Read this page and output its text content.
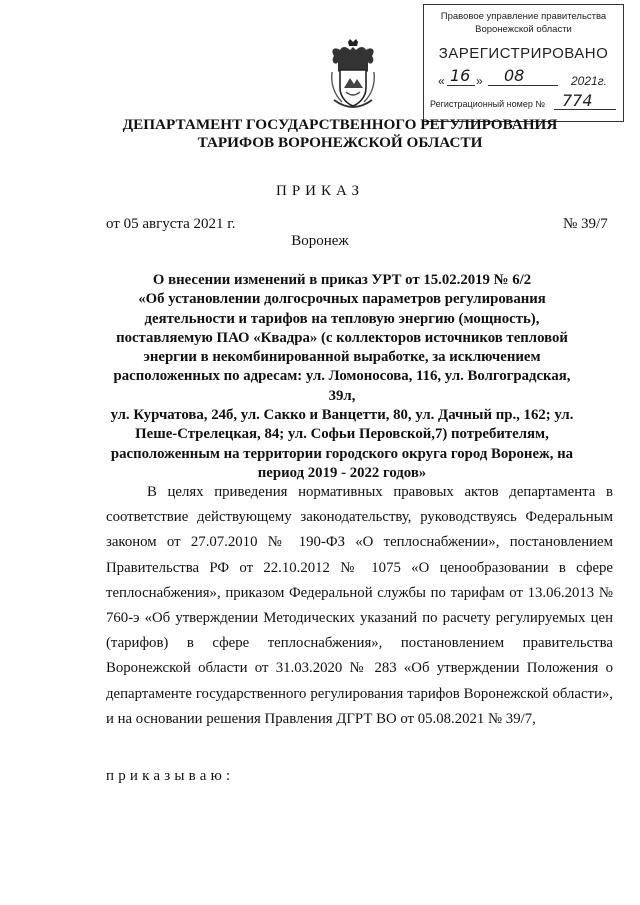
Правовое управление правительства
Воронежской области
ЗАРЕГИСТРИРОВАНО
« 16 » 08	2021г.
Регистрационный номер № 774
ДЕПАРТАМЕНТ ГОСУДАРСТВЕННОГО РЕГУЛИРОВАНИЯ
ТАРИФОВ ВОРОНЕЖСКОЙ ОБЛАСТИ
ПРИКАЗ
от 05 августа 2021 г.	№ 39/7
Воронеж
О внесении изменений в приказ УРТ от 15.02.2019 № 6/2
«Об установлении долгосрочных параметров регулирования
деятельности и тарифов на тепловую энергию (мощность),
поставляемую ПАО «Квадра» (с коллекторов источников тепловой
энергии в некомбинированной выработке, за исключением
расположенных по адресам: ул. Ломоносова, 116, ул. Волгоградская, 39л,
ул. Курчатова, 24б, ул. Сакко и Ванцетти, 80, ул. Дачный пр., 162; ул.
Пеше-Стрелецкая, 84; ул. Софьи Перовской,7) потребителям,
расположенным на территории городского округа город Воронеж, на
период 2019 - 2022 годов»
В целях приведения нормативных правовых актов департамента в соответствие действующему законодательству, руководствуясь Федеральным законом от 27.07.2010 № 190-ФЗ «О теплоснабжении», постановлением Правительства РФ от 22.10.2012 № 1075 «О ценообразовании в сфере теплоснабжения», приказом Федеральной службы по тарифам от 13.06.2013 № 760-э «Об утверждении Методических указаний по расчету регулируемых цен (тарифов) в сфере теплоснабжения», постановлением правительства Воронежской области от 31.03.2020 № 283 «Об утверждении Положения о департаменте государственного регулирования тарифов Воронежской области», и на основании решения Правления ДГРТ ВО от 05.08.2021 № 39/7,
приказываю:
